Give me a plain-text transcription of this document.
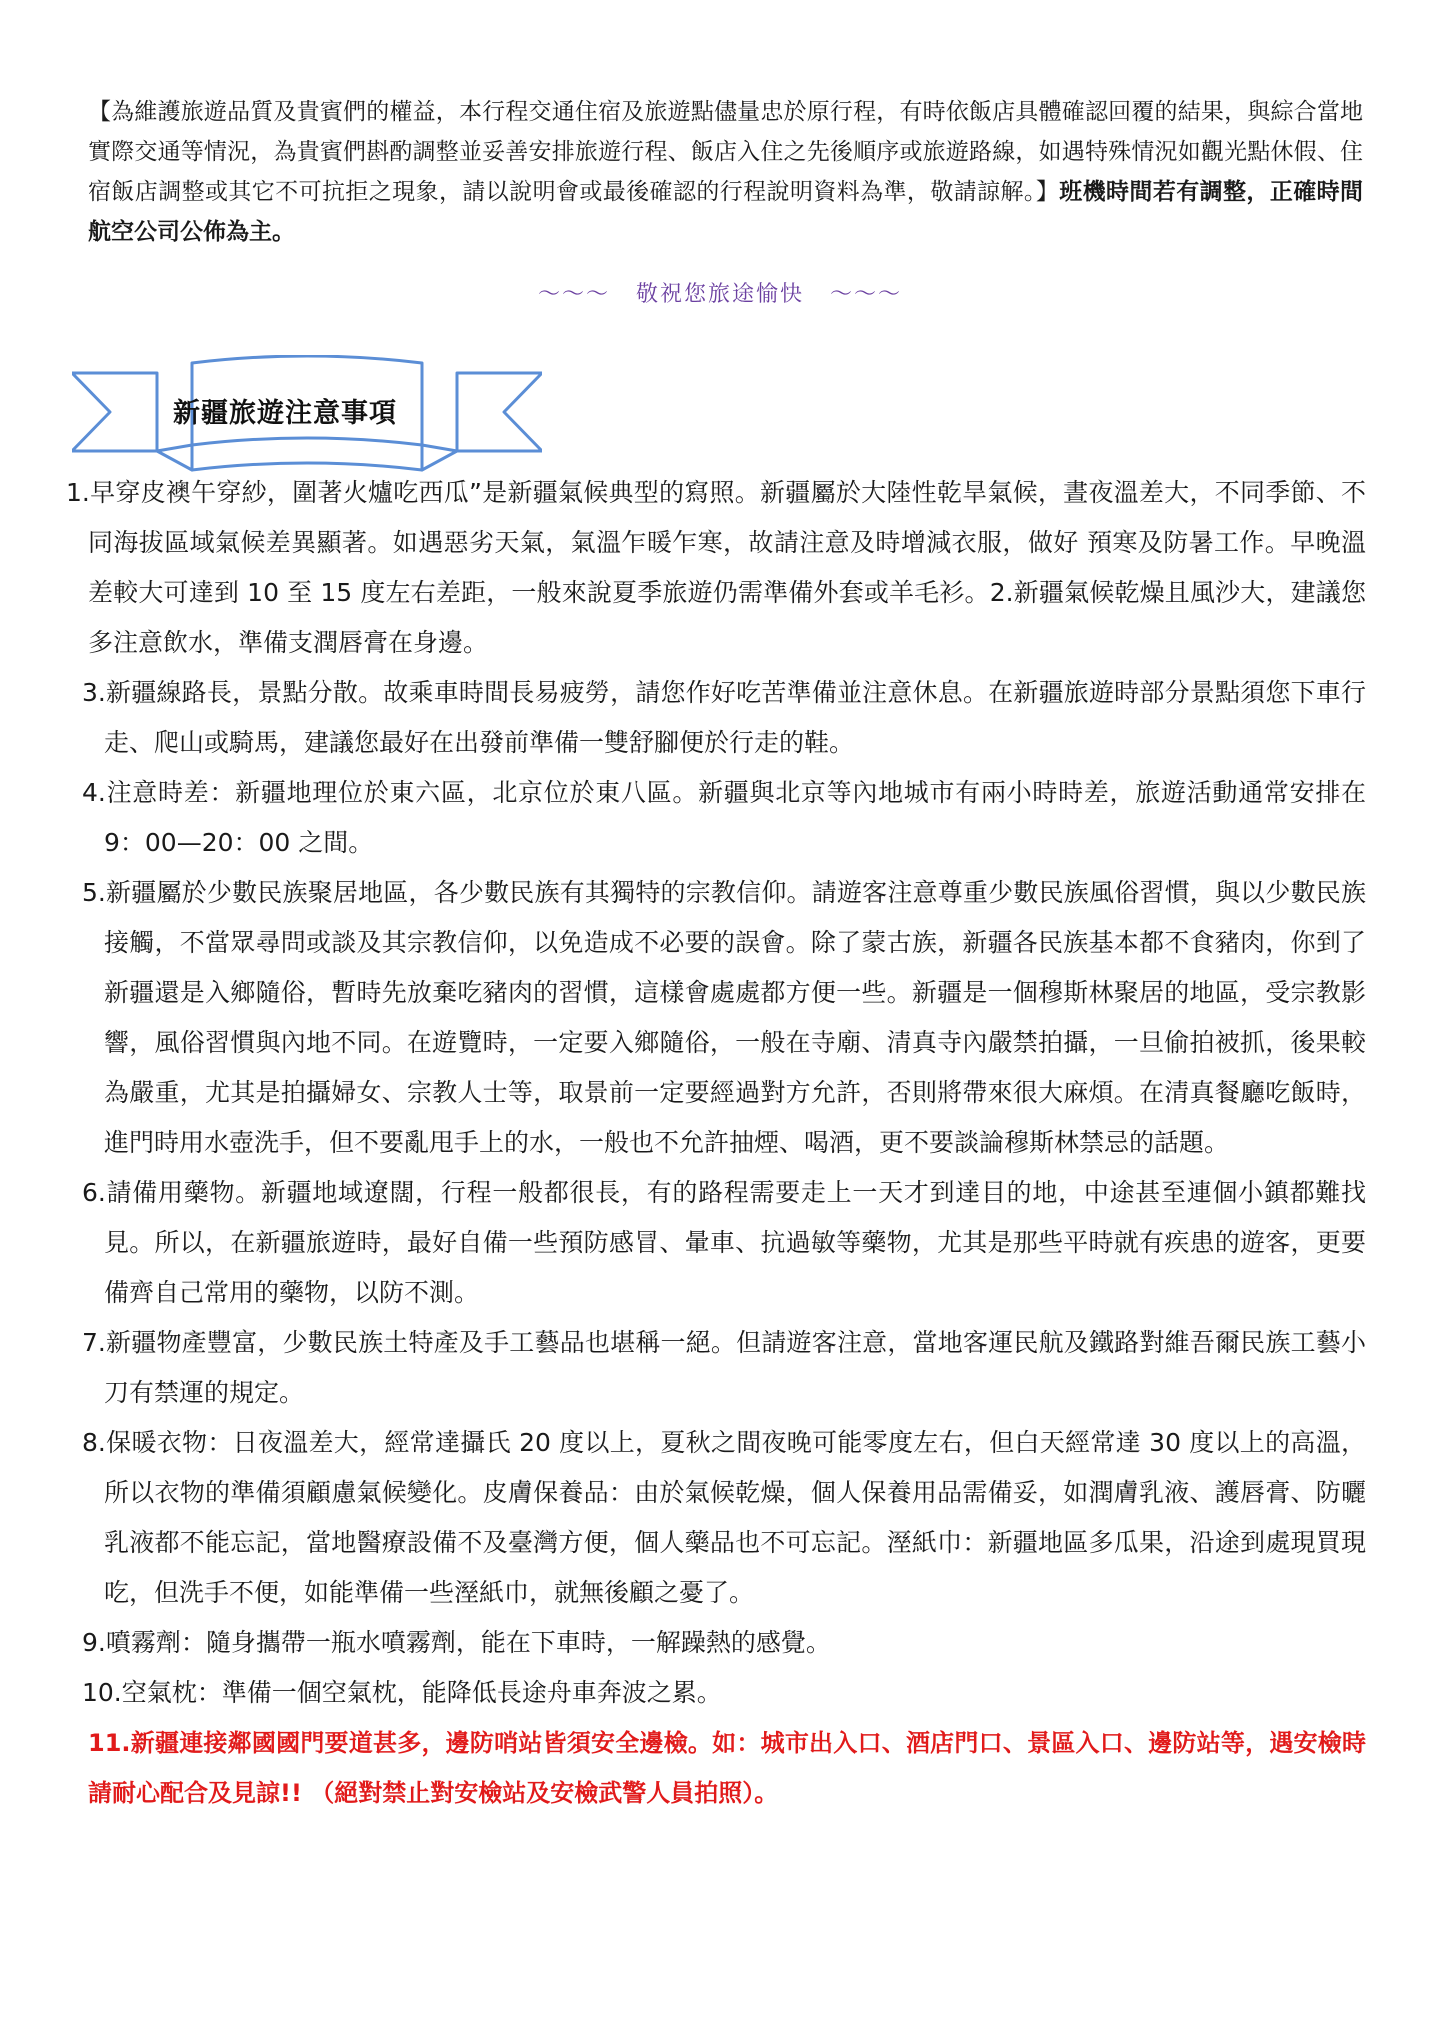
【為維護旅遊品質及貴賓們的權益，本行程交通住宿及旅遊點儘量忠於原行程，有時依飯店具體確認回覆的結果，與綜合當地實際交通等情況，為貴賓們斟酌調整並妥善安排旅遊行程、飯店入住之先後順序或旅遊路線，如遇特殊情況如觀光點休假、住宿飯店調整或其它不可抗拒之現象，請以說明會或最後確認的行程說明資料為準，敬請諒解。】班機時間若有調整，正確時間航空公司公佈為主。
～～～ 敬祝您旅途愉快 ～～～
新疆旅遊注意事項

1.早穿皮襖午穿紗，圍著火爐吃西瓜”是新疆氣候典型的寫照。新疆屬於大陸性乾旱氣候，晝夜溫差大，不同季節、不同海拔區域氣候差異顯著。如遇惡劣天氣，氣溫乍暖乍寒，故請注意及時增減衣服，做好 預寒及防暑工作。早晚溫差較大可達到 10 至 15 度左右差距，一般來說夏季旅遊仍需準備外套或羊毛衫。2.新疆氣候乾燥且風沙大，建議您多注意飲水，準備支潤唇膏在身邊。

3.新疆線路長，景點分散。故乘車時間長易疲勞，請您作好吃苦準備並注意休息。在新疆旅遊時部分景點須您下車行走、爬山或騎馬，建議您最好在出發前準備一雙舒腳便於行走的鞋。

4.注意時差：新疆地理位於東六區，北京位於東八區。新疆與北京等內地城市有兩小時時差，旅遊活動通常安排在 9：00—20：00 之間。

5.新疆屬於少數民族聚居地區，各少數民族有其獨特的宗教信仰。請遊客注意尊重少數民族風俗習慣，與以少數民族接觸，不當眾尋問或談及其宗教信仰，以免造成不必要的誤會。除了蒙古族，新疆各民族基本都不食豬肉，你到了新疆還是入鄉隨俗，暫時先放棄吃豬肉的習慣，這樣會處處都方便一些。新疆是一個穆斯林聚居的地區，受宗教影響，風俗習慣與內地不同。在遊覽時，一定要入鄉隨俗，一般在寺廟、清真寺內嚴禁拍攝，一旦偷拍被抓，後果較為嚴重，尤其是拍攝婦女、宗教人士等，取景前一定要經過對方允許，否則將帶來很大麻煩。在清真餐廳吃飯時，進門時用水壺洗手，但不要亂甩手上的水，一般也不允許抽煙、喝酒，更不要談論穆斯林禁忌的話題。

6.請備用藥物。新疆地域遼闊，行程一般都很長，有的路程需要走上一天才到達目的地，中途甚至連個小鎮都難找見。所以，在新疆旅遊時，最好自備一些預防感冒、暈車、抗過敏等藥物，尤其是那些平時就有疾患的遊客，更要備齊自己常用的藥物，以防不測。

7.新疆物產豐富，少數民族土特產及手工藝品也堪稱一絕。但請遊客注意，當地客運民航及鐵路對維吾爾民族工藝小刀有禁運的規定。

8.保暖衣物：日夜溫差大，經常達攝氏 20 度以上，夏秋之間夜晚可能零度左右，但白天經常達 30 度以上的高溫，所以衣物的準備須顧慮氣候變化。皮膚保養品：由於氣候乾燥，個人保養用品需備妥，如潤膚乳液、護唇膏、防曬乳液都不能忘記，當地醫療設備不及臺灣方便，個人藥品也不可忘記。溼紙巾：新疆地區多瓜果，沿途到處現買現吃，但洗手不便，如能準備一些溼紙巾，就無後顧之憂了。

9.噴霧劑：隨身攜帶一瓶水噴霧劑，能在下車時，一解躁熱的感覺。

10.空氣枕：準備一個空氣枕，能降低長途舟車奔波之累。

11.新疆連接鄰國國門要道甚多，邊防哨站皆須安全邊檢。如：城市出入口、酒店門口、景區入口、邊防站等，遇安檢時請耐心配合及見諒!! （絕對禁止對安檢站及安檢武警人員拍照）。
